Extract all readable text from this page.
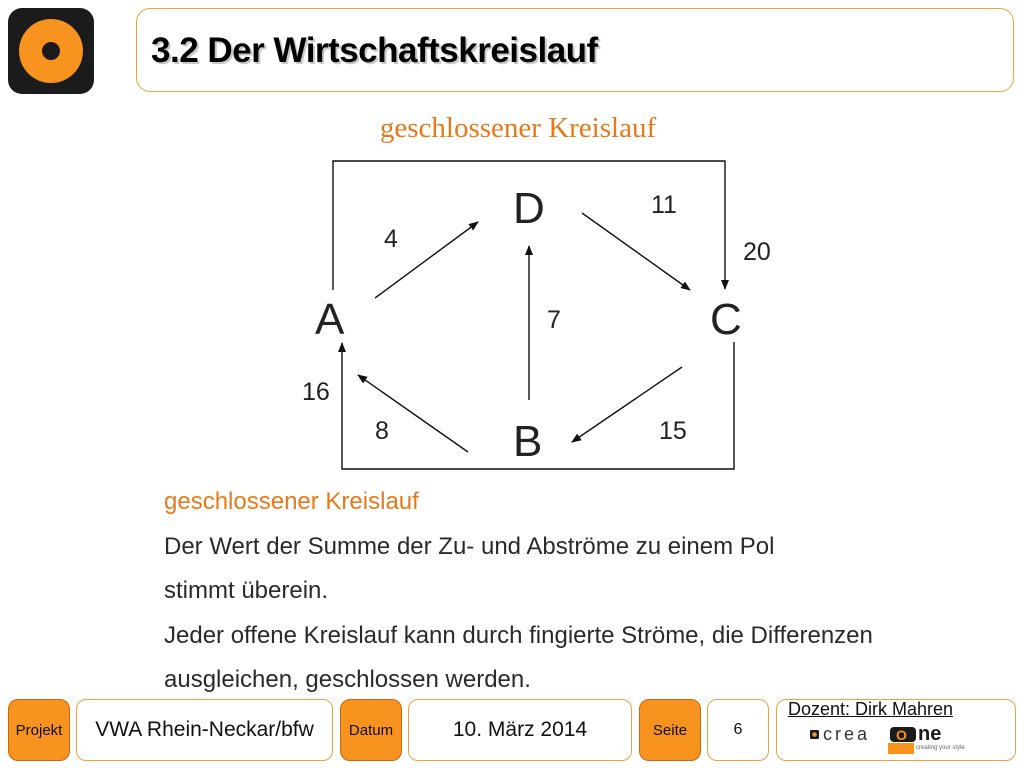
3.2 Der Wirtschaftskreislauf
geschlossener Kreislauf
A
D
C
B
4
11
20
7
16
8	15
geschlossener Kreislauf
Der Wert der Summe der Zu- und Abströme zu einem Pol
stimmt überein.
Jeder offene Kreislauf kann durch fingierte Ströme, die Differenzen
ausgleichen, geschlossen werden.
Projekt VWA Rhein-Neckar/bfw Datum	10. März 2014	Seite	6
Dozent: Dirk Mahren
crea O ne
creating your style
